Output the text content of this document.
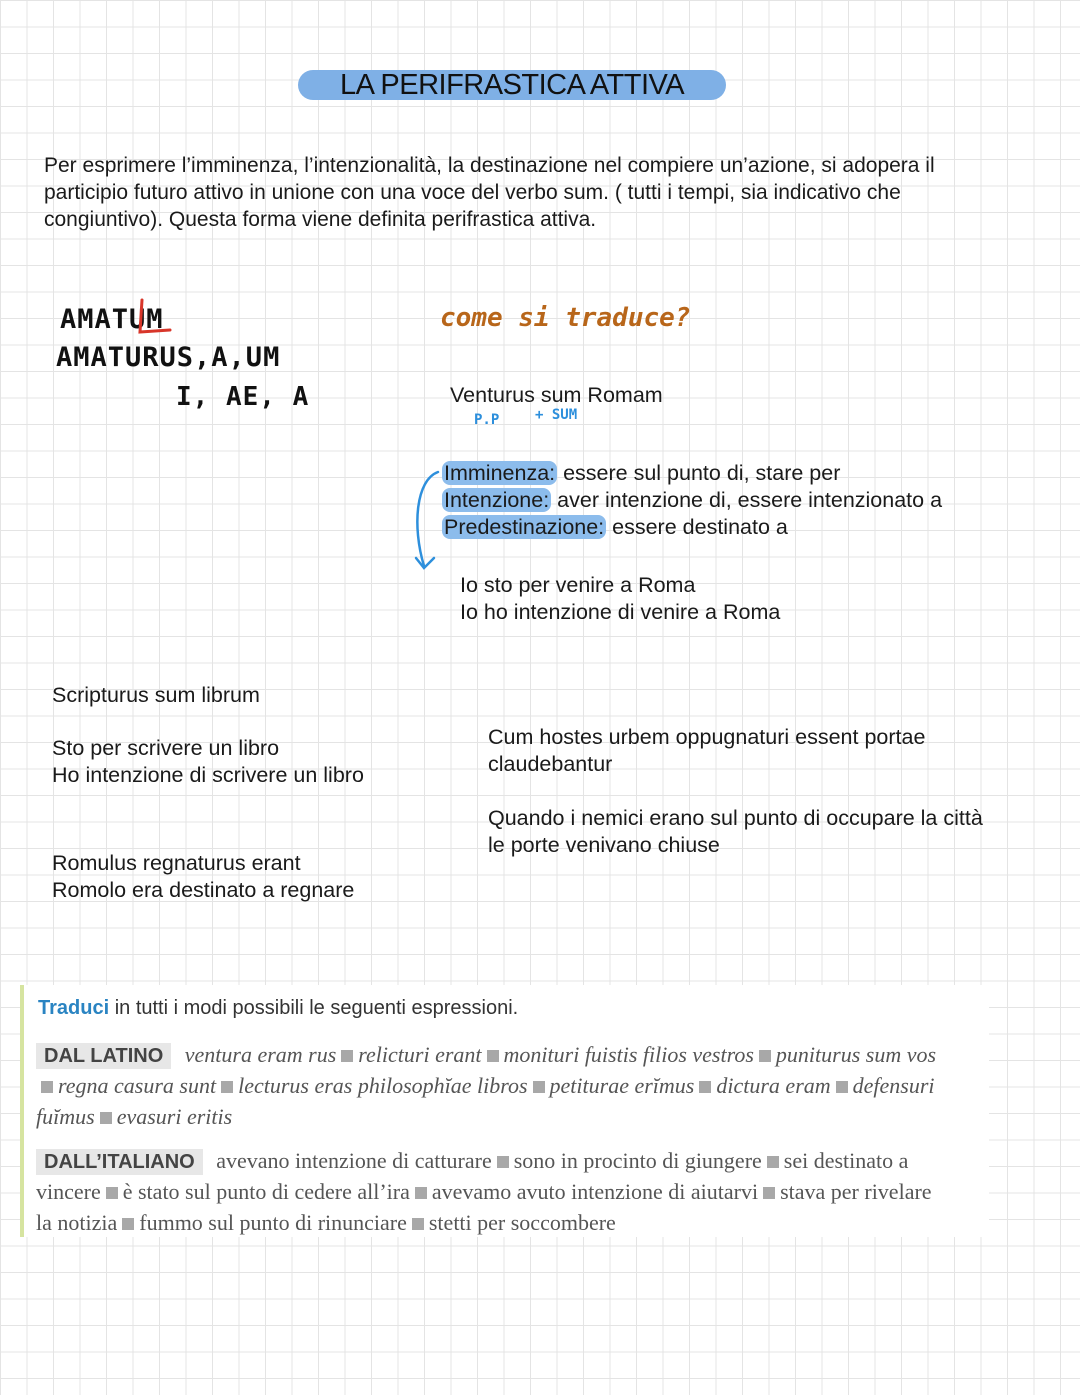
LA PERIFRASTICA ATTIVA

Per esprimere l’imminenza, l’intenzionalità, la destinazione nel compiere un’azione, si adopera il

participio futuro attivo in unione con una voce del verbo sum. ( tutti i tempi, sia indicativo che

congiuntivo). Questa forma viene definita perifrastica attiva.

AMATUM
AMATURUS,A,UM
I, AE, A
come si traduce?
Venturus sum Romam
P.P	+ SUM
Imminenza: essere sul punto di, stare per
Intenzione: aver intenzione di, essere intenzionato a
Predestinazione: essere destinato a
Io sto per venire a Roma
Io ho intenzione di venire a Roma
Scripturus sum librum
Sto per scrivere un libro
Ho intenzione di scrivere un libro
Romulus regnaturus erant
Romolo era destinato a regnare
Cum hostes urbem oppugnaturi essent portae
claudebantur
Quando i nemici erano sul punto di occupare la città
le porte venivano chiuse
Traduci in tutti i modi possibili le seguenti espressioni.
DAL LATINO ventura eram rus relicturi erant monituri fuistis filios vestros puniturus sum vosregna casura sunt lecturus eras philosophĭae libros petiturae erĭmus dictura eram defensuri fuĭmus evasuri eritis
DALL’ITALIANO avevano intenzione di catturare sono in procinto di giungere sei destinato a vincere è stato sul punto di cedere all’ira avevamo avuto intenzione di aiutarvi stava per rivelare la notizia fummo sul punto di rinunciare stetti per soccombere
